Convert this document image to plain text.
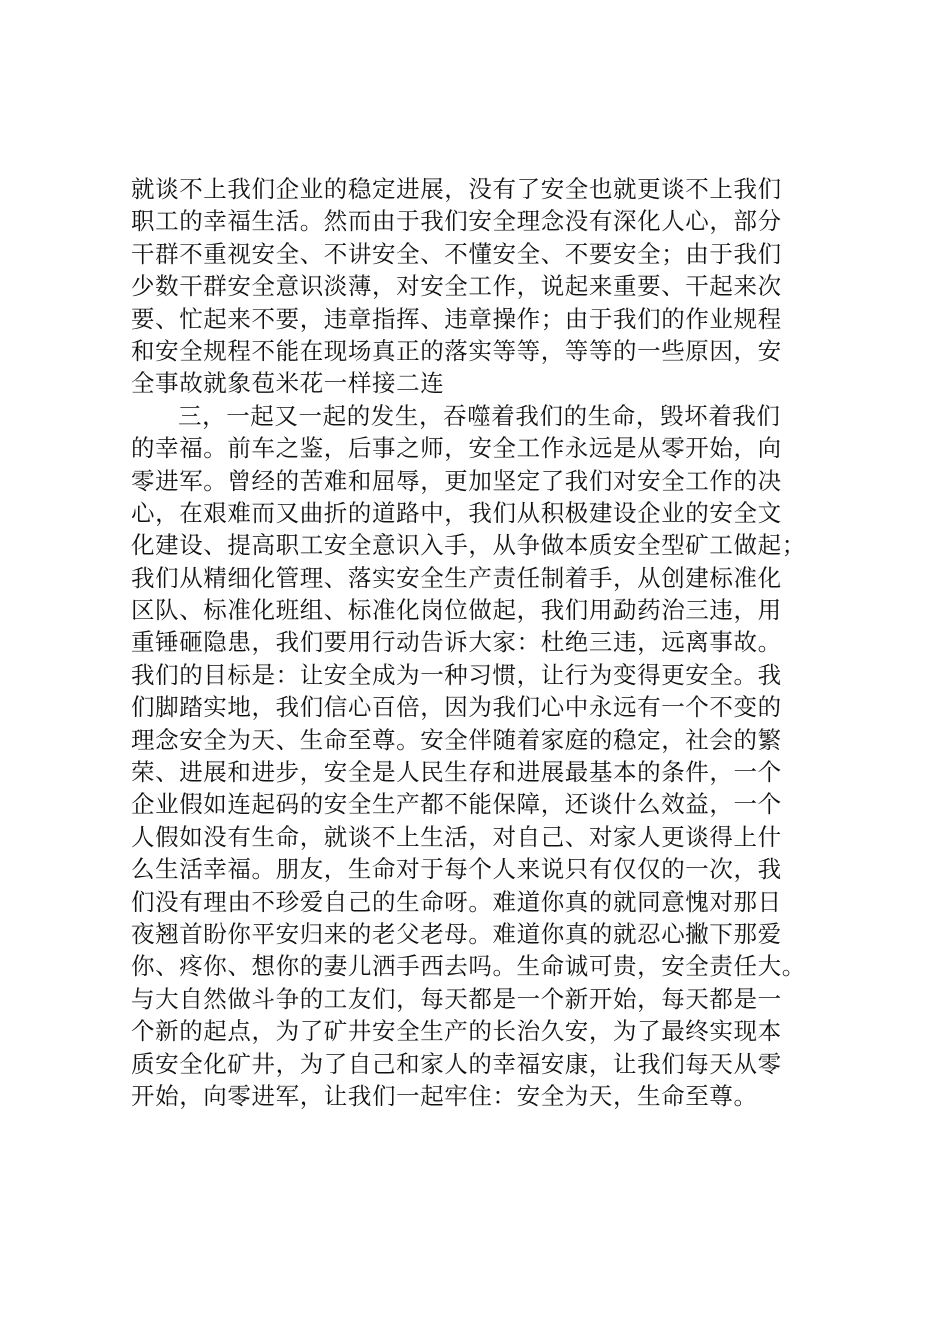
就谈不上我们企业的稳定进展，没有了安全也就更谈不上我们
职工的幸福生活。然而由于我们安全理念没有深化人心，部分
干群不重视安全、不讲安全、不懂安全、不要安全；由于我们
少数干群安全意识淡薄，对安全工作，说起来重要、干起来次
要、忙起来不要，违章指挥、违章操作；由于我们的作业规程
和安全规程不能在现场真正的落实等等，等等的一些原因，安
全事故就象苞米花一样接二连
三，一起又一起的发生，吞噬着我们的生命，毁坏着我们
的幸福。前车之鉴，后事之师，安全工作永远是从零开始，向
零进军。曾经的苦难和屈辱，更加坚定了我们对安全工作的决
心，在艰难而又曲折的道路中，我们从积极建设企业的安全文
化建设、提高职工安全意识入手，从争做本质安全型矿工做起；
我们从精细化管理、落实安全生产责任制着手，从创建标准化
区队、标准化班组、标准化岗位做起，我们用勐药治三违，用
重锤砸隐患，我们要用行动告诉大家：杜绝三违，远离事故。
我们的目标是：让安全成为一种习惯，让行为变得更安全。我
们脚踏实地，我们信心百倍，因为我们心中永远有一个不变的
理念安全为天、生命至尊。安全伴随着家庭的稳定，社会的繁
荣、进展和进步，安全是人民生存和进展最基本的条件，一个
企业假如连起码的安全生产都不能保障，还谈什么效益，一个
人假如没有生命，就谈不上生活，对自己、对家人更谈得上什
么生活幸福。朋友，生命对于每个人来说只有仅仅的一次，我
们没有理由不珍爱自己的生命呀。难道你真的就同意愧对那日
夜翘首盼你平安归来的老父老母。难道你真的就忍心撇下那爱
你、疼你、想你的妻儿洒手西去吗。生命诚可贵，安全责任大。
与大自然做斗争的工友们，每天都是一个新开始，每天都是一
个新的起点，为了矿井安全生产的长治久安，为了最终实现本
质安全化矿井，为了自己和家人的幸福安康，让我们每天从零
开始，向零进军，让我们一起牢住：安全为天，生命至尊。
